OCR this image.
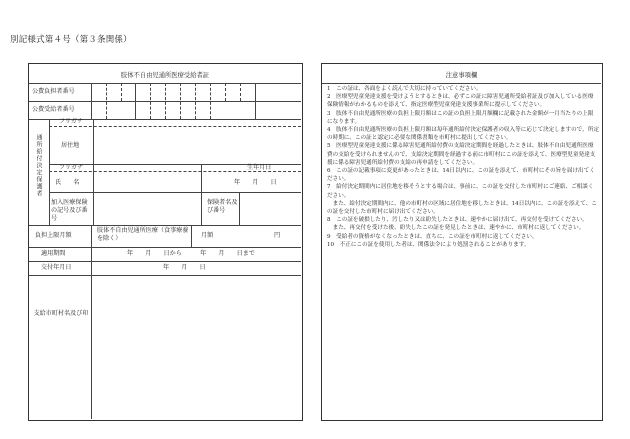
別記様式第４号（第３条関係）
肢体不自由児通所医療受給者証
公費負担者番号
公費受給者番号
通所給付決定保護者
フリガナ
居住地
フリガナ	生年月日
氏　　名	年　　月　　日
加入医療保険の記号及び番号
保険者名及び番号
負担上限月額
肢体不自由児通所医療（食事療養を除く）	月額	円
適用期間	年　　月　　日から　　　年　　月　　日まで
交付年月日	年　　月　　日
支給市町村名及び印
注意事項欄

1　この証は、各面をよく読んで大切に持っていてください。

2　医療型児童発達支援を受けようとするときは、必ずこの証に障害児通所受給者証及び加入している医療保険情報がわかるものを添えて、指定医療型児童発達支援事業所に提示してください。

3　肢体不自由児通所医療の負担上限月額はこの証の負担上限月額欄に記載された金額が一月当たりの上限になります。

4　肢体不自由児通所医療の負担上限月額は毎年通所給付決定保護者の収入等に応じて決定しますので、所定の時期に、この証と認定に必要な関係書類を市町村に提出してください。

5　医療型児童発達支援に係る障害児通所給付費の支給決定期間を経過したときは、肢体不自由児通所医療費の支給を受けられませんので、支給決定期間を経過する前に市町村にこの証を添えて、医療型児童発達支援に係る障害児通所給付費の支給の再申請をしてください。

6　この証の記載事項に変更があったときは、14日以内に、この証を添えて、市町村にその旨を届け出てください。

7　給付決定期間内に居住地を移そうとする場合は、事前に、この証を交付した市町村にご連絡、ご相談ください。

　また、給付決定期間内に、他の市町村の区域に居住地を移したときは、14日以内に、この証を添えて、この証を交付した市町村に届け出てください。

8　この証を破損したり、汚したり又は紛失したときは、速やかに届け出て、再交付を受けてください。

　また、再交付を受けた後、紛失したこの証を発見したときは、速やかに、市町村に返してください。

9　受給者の資格がなくなったときは、直ちに、この証を市町村に返してください。

10　不正にこの証を使用した者は、関係法令により処罰されることがあります。
